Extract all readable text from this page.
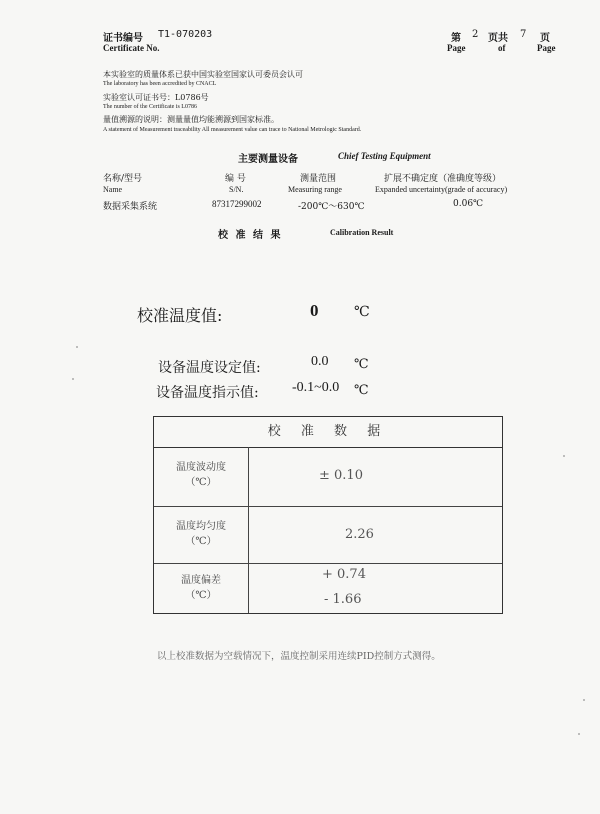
证书编号 T1-070203
Certificate No.
第 2 页共 7 页
Page	of	Page
本实验室的质量体系已获中国实验室国家认可委员会认可
The laboratory has been accredited by CNACL
实验室认可证书号：L0786号
The number of the Certificate is L0786
量值溯源的说明：测量量值均能溯源到国家标准。
A statement of Measurement traceability All measurement value can trace to National Metrologic Standard.
主要测量设备	Chief Testing Equipment
名称/型号	编 号	测量范围	扩展不确定度（准确度等级）
Name	S/N.	Measuring range	Expanded uncertainty(grade of accuracy)
数据采集系统	87317299002	-200℃～630℃	0.06℃
校 准 结 果	Calibration Result
校准温度值:	0	℃
设备温度设定值:	0.0 ℃
设备温度指示值: -0.1~0.0 ℃
校 准 数 据
温度波动度
（℃）	± 0.10
温度均匀度
（℃）	2.26
温度偏差
（℃）
+ 0.74
- 1.66
以上校准数据为空载情况下，温度控制采用连续PID控制方式测得。
